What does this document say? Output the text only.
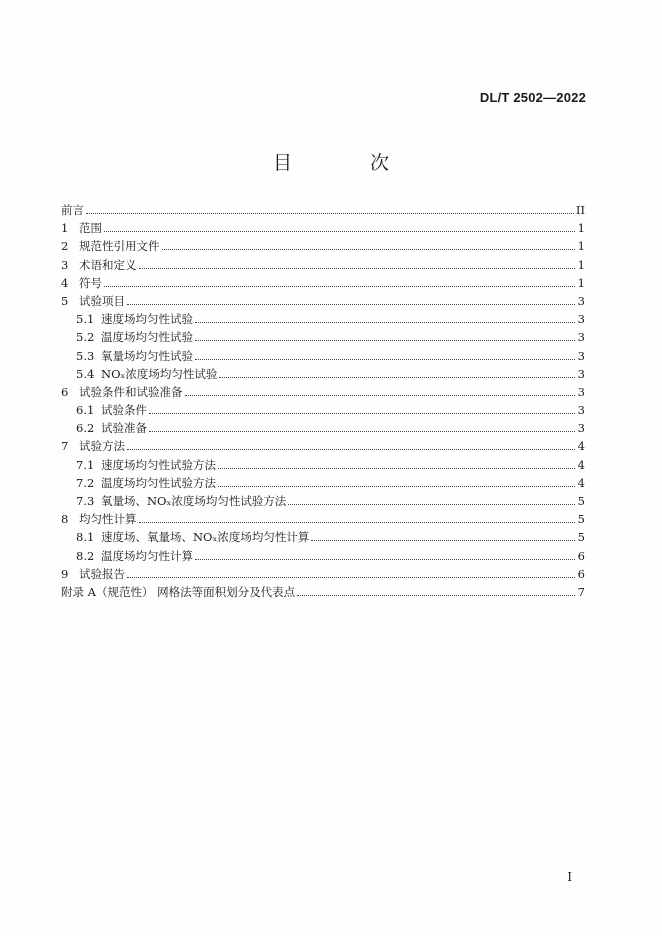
DL/T 2502—2022
目 次
前言	II
1 范围	1
2 规范性引用文件	1
3 术语和定义	1
4 符号	1
5 试验项目	3
5.1 速度场均匀性试验	3
5.2 温度场均匀性试验	3
5.3 氧量场均匀性试验	3
5.4 NOₓ浓度场均匀性试验	3
6 试验条件和试验准备	3
6.1 试验条件	3
6.2 试验准备	3
7 试验方法	4
7.1 速度场均匀性试验方法	4
7.2 温度场均匀性试验方法	4
7.3 氧量场、NOₓ浓度场均匀性试验方法	5
8 均匀性计算	5
8.1 速度场、氧量场、NOₓ浓度场均匀性计算	5
8.2 温度场均匀性计算	6
9 试验报告	6
附录 A（规范性） 网格法等面积划分及代表点	7
I
